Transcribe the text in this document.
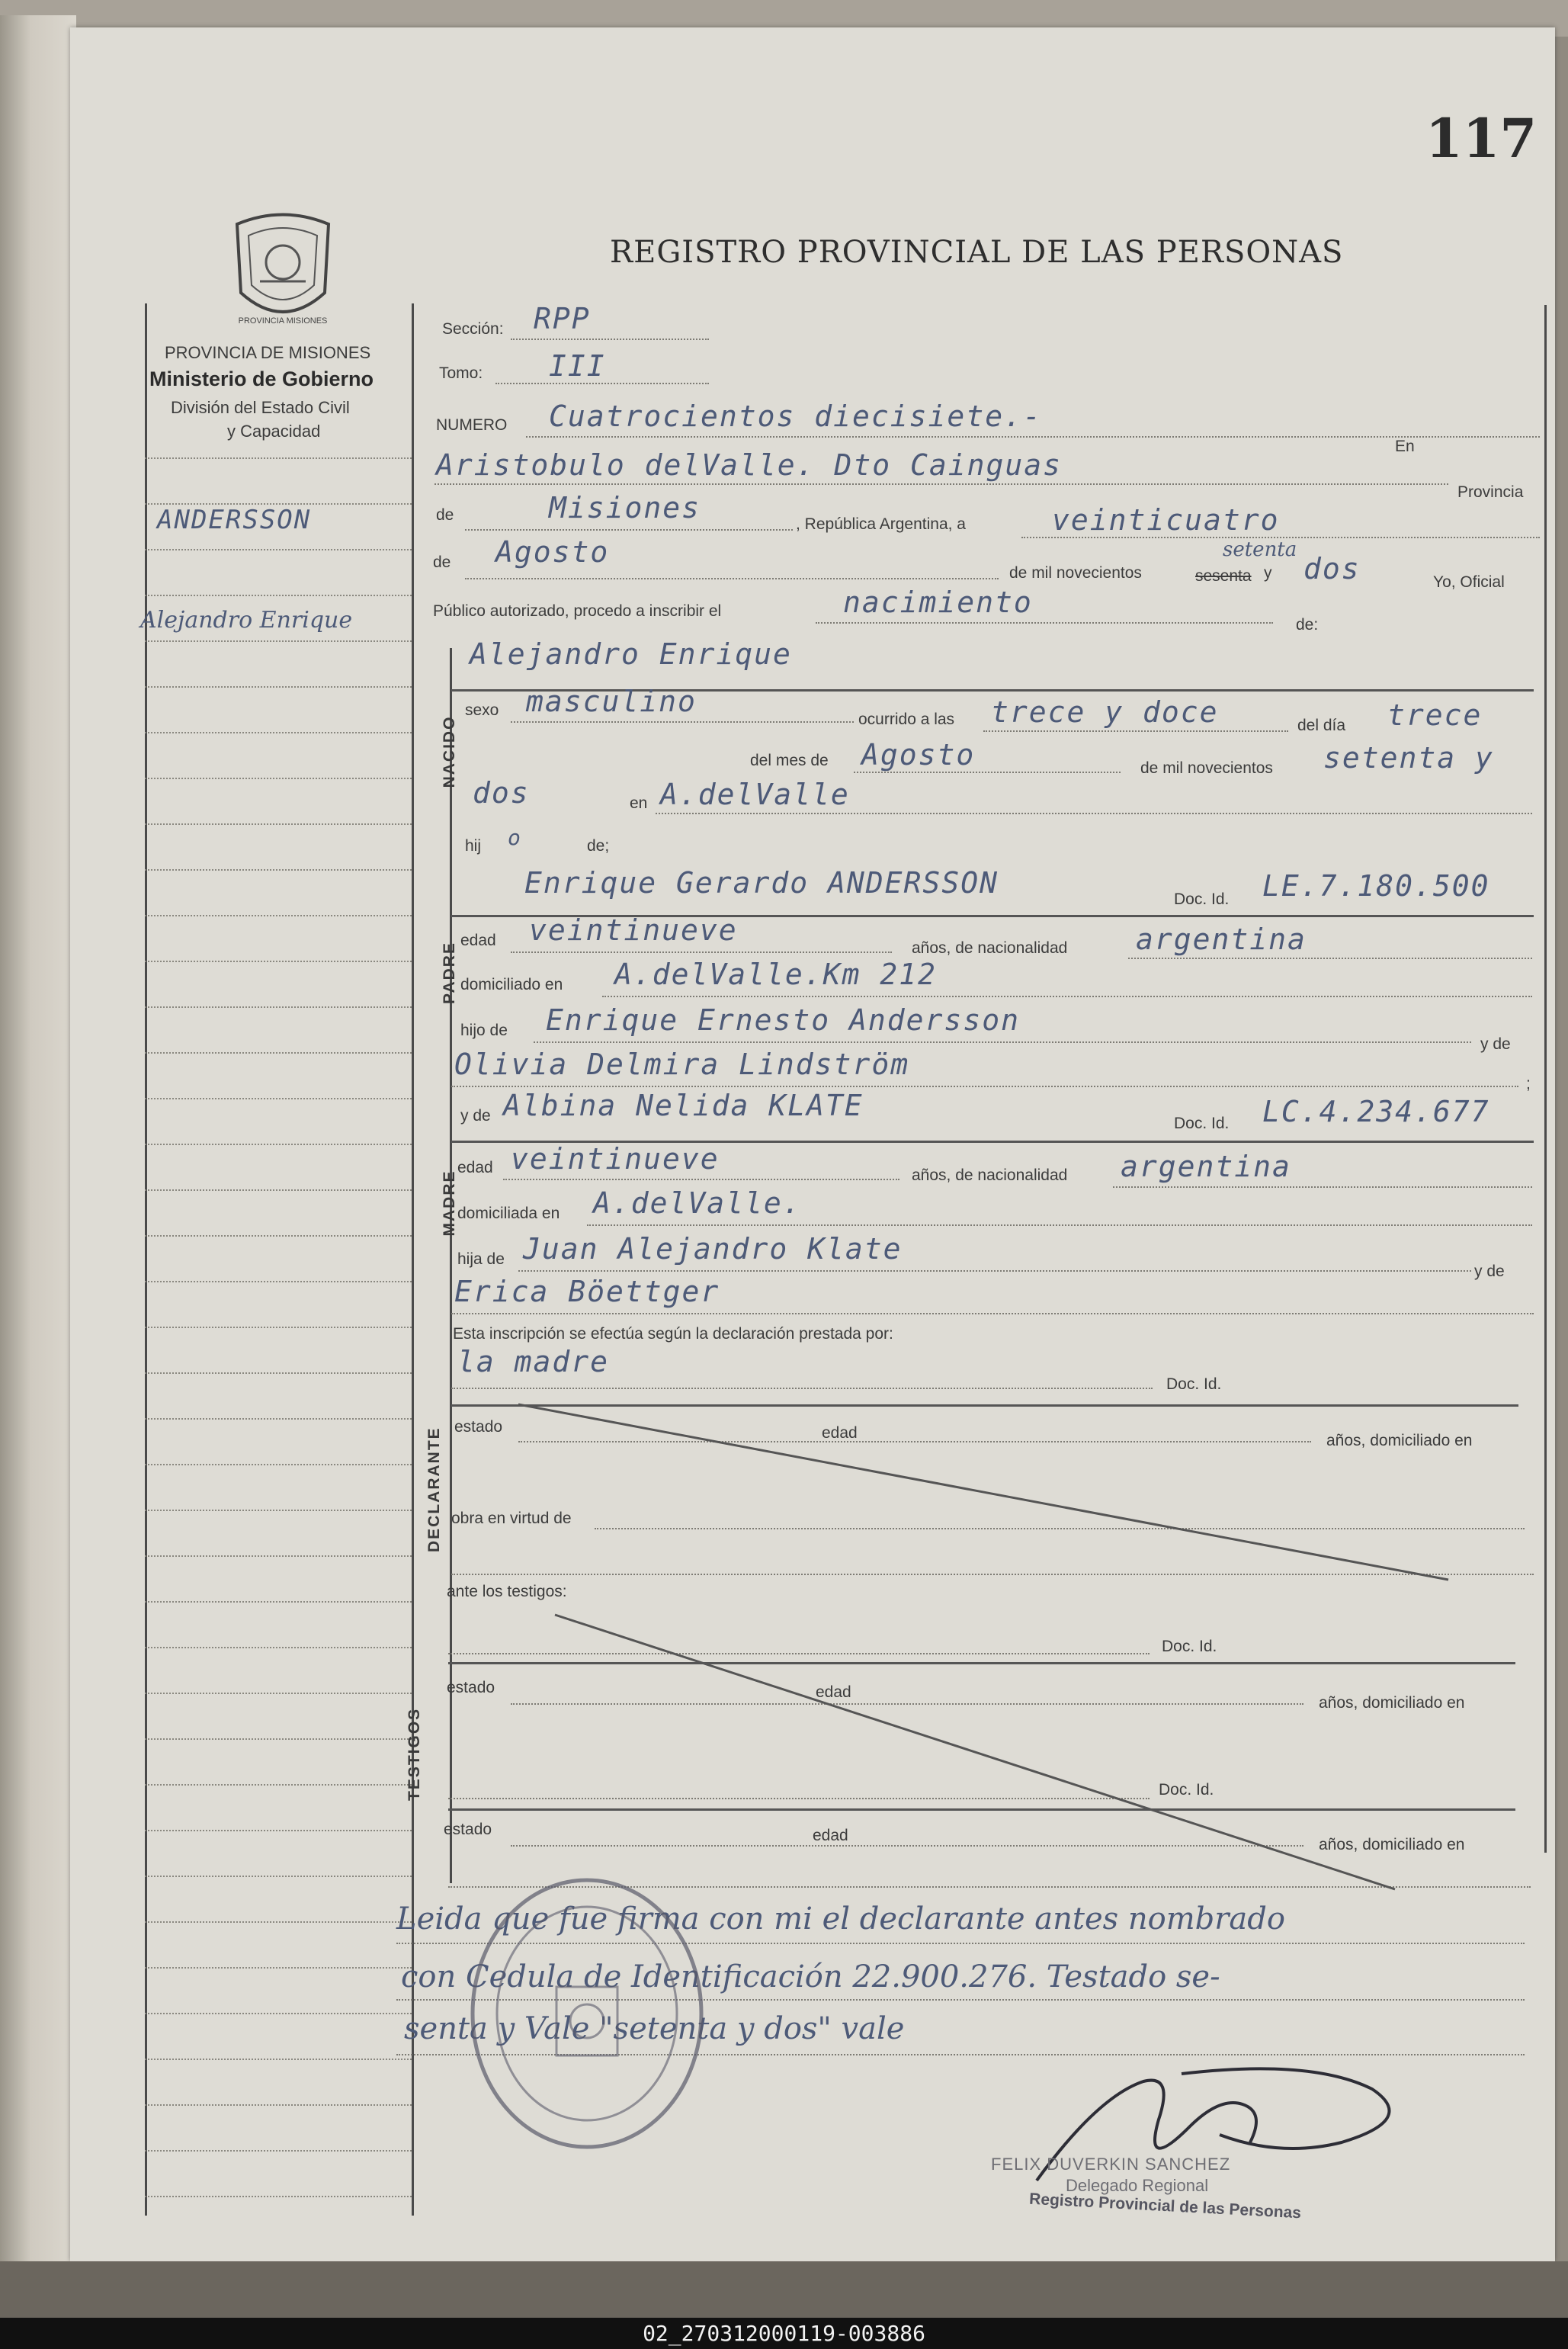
02_270312000119-003886
117
REGISTRO PROVINCIAL DE LAS PERSONAS
PROVINCIA MISIONES
PROVINCIA DE MISIONES
Ministerio de Gobierno
División del Estado Civil
y Capacidad
ANDERSSON
Alejandro Enrique
Sección: RPP
Tomo: III
NUMERO Cuatrocientos diecisiete.-
Aristobulo delValle. Dto Cainguas
En
Provincia
de	Misiones	, República Argentina, a	veinticuatro
de Agosto
de mil novecientos
setenta
sesenta y dos	Yo, Oficial
Público autorizado, procedo a inscribir el	nacimiento
de:
NACIDO
Alejandro Enrique
sexo masculino
ocurrido a las trece y doce	del día trece
del mes de Agosto	de mil novecientos setenta y
dos	en A.delValle
hij o	de;
PADRE
Enrique Gerardo ANDERSSON	Doc. Id. LE.7.180.500
edad veintinueve
años, de nacionalidad argentina
domiciliado en A.delValle.Km 212
hijo de Enrique Ernesto Andersson
y de
Olivia Delmira Lindström
;
MADRE
y de Albina Nelida KLATE
Doc. Id. LC.4.234.677
edad veintinueve	años, de nacionalidad argentina
domiciliada en A.delValle.
hija de Juan Alejandro Klate
y de
Erica Böettger
Esta inscripción se efectúa según la declaración prestada por:
DECLARANTE
la madre
Doc. Id.
estado	edad	años, domiciliado en
obra en virtud de
ante los testigos:
TESTIGOS
Doc. Id.
estado	edad
años, domiciliado en
Doc. Id.
estado	edad
años, domiciliado en
Leida que fue firma con mi el declarante antes nombrado
con Cedula de Identificación 22.900.276. Testado se-
senta y Vale "setenta y dos" vale
FELIX DUVERKIN SANCHEZ
Delegado Regional
Registro Provincial de las Personas
